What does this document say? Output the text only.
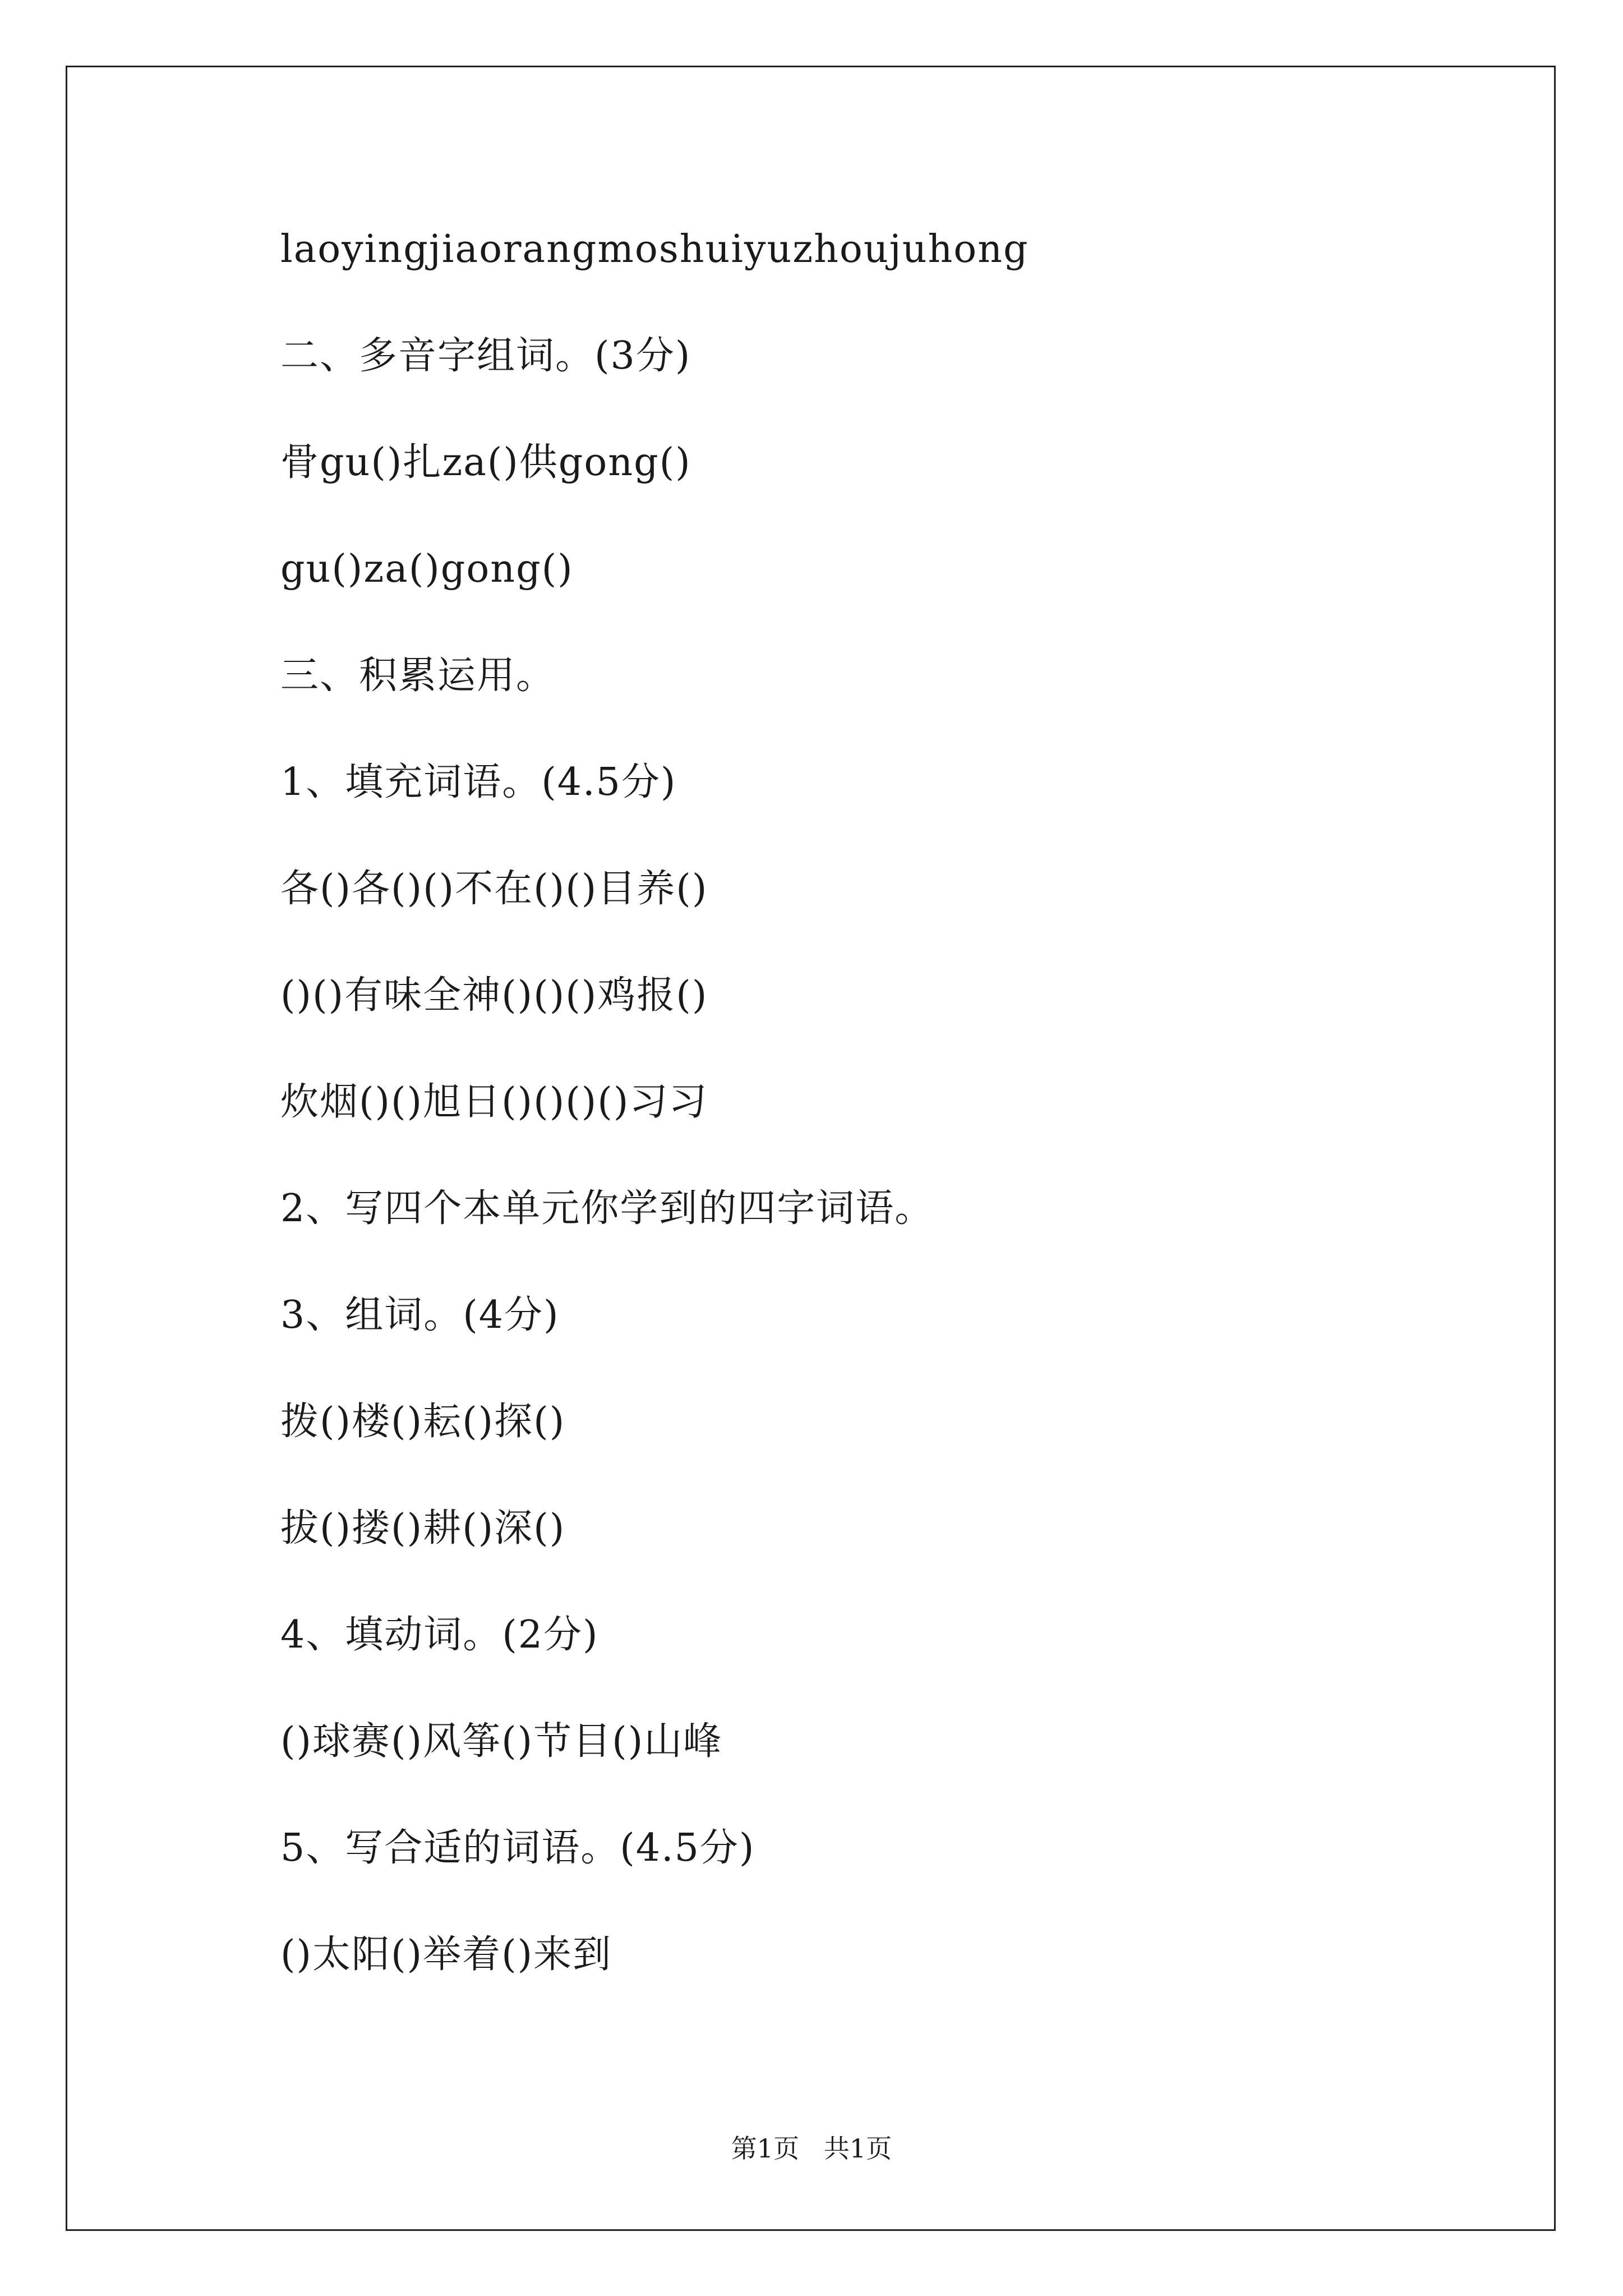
laoyingjiaorangmoshuiyuzhoujuhong
二、多音字组词。(3分)
骨gu()扎za()供gong()
gu()za()gong()
三、积累运用。
1、填充词语。(4.5分)
各()各()()不在()()目养()
()()有味全神()()()鸡报()
炊烟()()旭日()()()()习习
2、写四个本单元你学到的四字词语。
3、组词。(4分)
拨()楼()耘()探()
拔()搂()耕()深()
4、填动词。(2分)
()球赛()风筝()节目()山峰
5、写合适的词语。(4.5分)
()太阳()举着()来到
第1页   共1页
